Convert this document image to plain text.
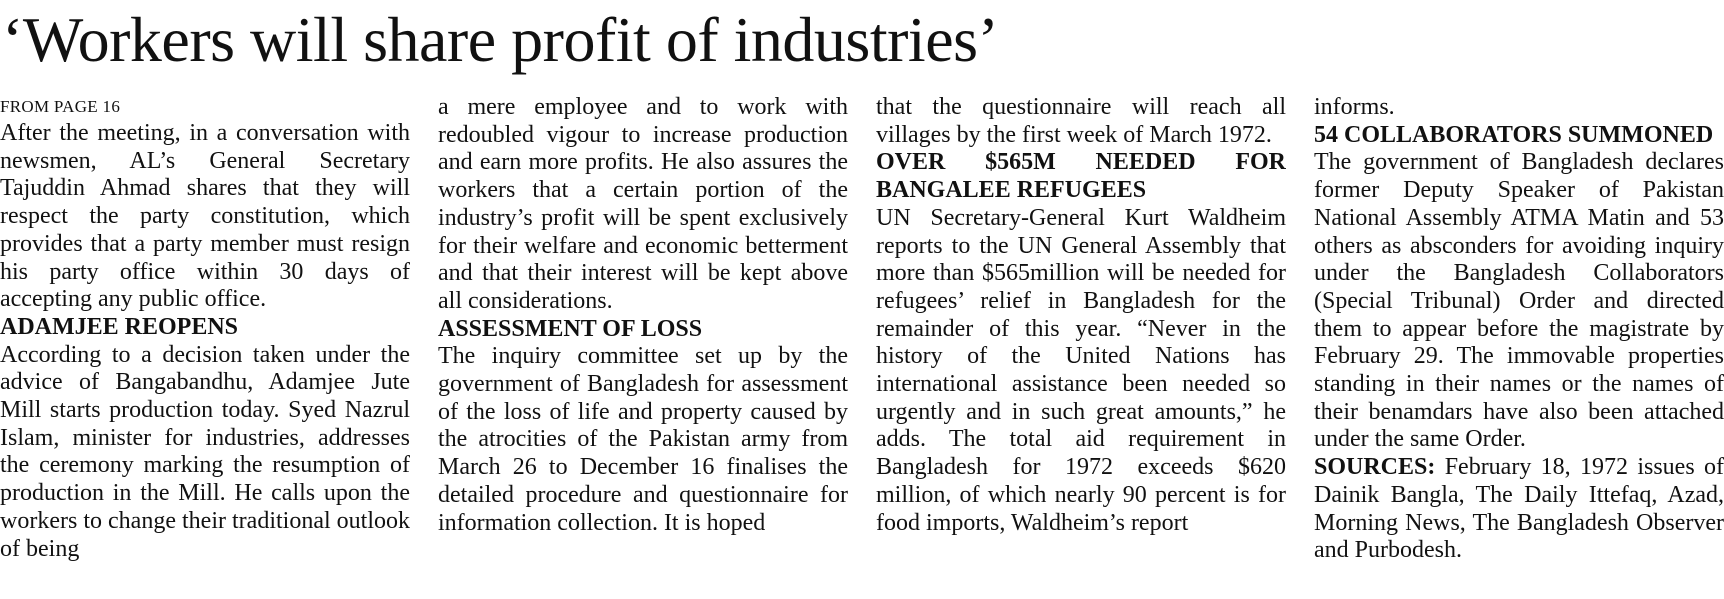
‘Workers will share profit of industries’
FROM PAGE 16

After the meeting, in a conversation with newsmen, AL’s General Secretary Tajuddin Ahmad shares that they will respect the party constitution, which provides that a party member must resign his party office within 30 days of accepting any public office.

ADAMJEE REOPENS

According to a decision taken under the advice of Bangabandhu, Adamjee Jute Mill starts production today. Syed Nazrul Islam, minister for industries, addresses the ceremony marking the resumption of production in the Mill. He calls upon the workers to change their traditional outlook of being

a mere employee and to work with redoubled vigour to increase production and earn more profits. He also assures the workers that a certain portion of the industry’s profit will be spent exclusively for their welfare and economic betterment and that their interest will be kept above all considerations.

ASSESSMENT OF LOSS

The inquiry committee set up by the government of Bangladesh for assessment of the loss of life and property caused by the atrocities of the Pakistan army from March 26 to December 16 finalises the detailed procedure and questionnaire for information collection. It is hoped

that the questionnaire will reach all villages by the first week of March 1972.

OVER $565M NEEDED FOR BANGALEE REFUGEES

UN Secretary-General Kurt Waldheim reports to the UN General Assembly that more than $565million will be needed for refugees’ relief in Bangladesh for the remainder of this year. “Never in the history of the United Nations has international assistance been needed so urgently and in such great amounts,” he adds. The total aid requirement in Bangladesh for 1972 exceeds $620 million, of which nearly 90 percent is for food imports, Waldheim’s report

informs.

54 COLLABORATORS SUMMONED

The government of Bangladesh declares former Deputy Speaker of Pakistan National Assembly ATMA Matin and 53 others as absconders for avoiding inquiry under the Bangladesh Collaborators (Special Tribunal) Order and directed them to appear before the magistrate by February 29. The immovable properties standing in their names or the names of their benamdars have also been attached under the same Order.

SOURCES: February 18, 1972 issues of Dainik Bangla, The Daily Ittefaq, Azad, Morning News, The Bangladesh Observer and Purbodesh.
